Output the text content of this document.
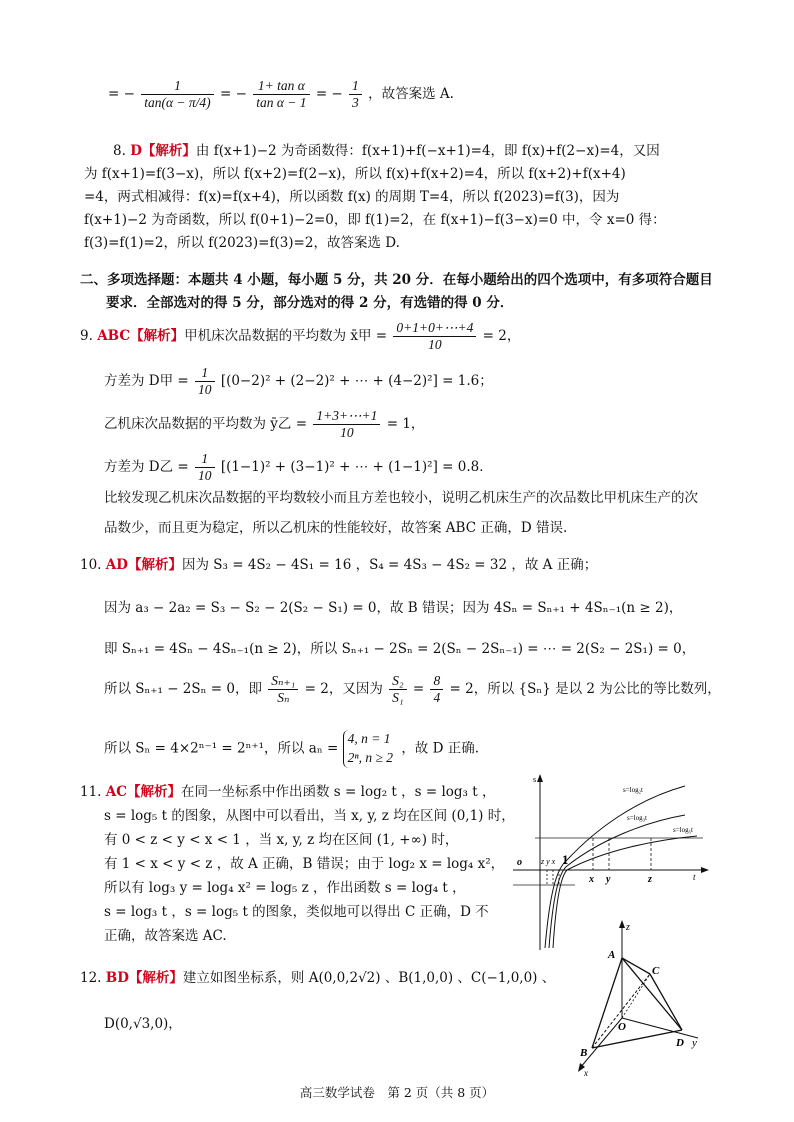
= − $\frac{1}{\tan(\alpha - \pi/4)}$ = − $\frac{\text{1+ tan α}}{\text{tan α − 1}}$ = − $\frac{1}{3}$ ，故答案选 A.
8. D【解析】由 f(x+1)−2 为奇函数得：f(x+1)+f(−x+1)=4，即 f(x)+f(2−x)=4，又因
为 f(x+1)=f(3−x)，所以 f(x+2)=f(2−x)，所以 f(x)+f(x+2)=4，所以 f(x+2)+f(x+4)
=4，两式相减得：f(x)=f(x+4)，所以函数 f(x) 的周期 T=4，所以 f(2023)=f(3)，因为
f(x+1)−2 为奇函数，所以 f(0+1)−2=0，即 f(1)=2，在 f(x+1)−f(3−x)=0 中，令 x=0 得：
f(3)=f(1)=2，所以 f(2023)=f(3)=2，故答案选 D.
二、多项选择题：本题共 4 小题，每小题 5 分，共 20 分．在每小题给出的四个选项中，有多项符合题目
要求．全部选对的得 5 分，部分选对的得 2 分，有选错的得 0 分．
9. ABC【解析】甲机床次品数据的平均数为 x̄甲 = $\frac{0+1+0+\cdots+4}{10} = 2$，
方差为 D甲 = $\frac{1}{10} [(0-2)^2 + (2-2)^2$ + ⋯ + (4−2)²] = 1.6；
乙机床次品数据的平均数为 ȳ乙 = $\frac{1+3+\cdots+1}{10} = 1$，
方差为 D乙 = $\frac{1}{10} [(1-1)^2 + (3-1)^2$ + ⋯ + (1−1)²] = 0.8．
比较发现乙机床次品数据的平均数较小而且方差也较小，说明乙机床生产的次品数比甲机床生产的次
品数少，而且更为稳定，所以乙机床的性能较好，故答案 ABC 正确，D 错误.
10. AD【解析】因为 S₃ = 4S₂ − 4S₁ = 16 ，S₄ = 4S₃ − 4S₂ = 32 ，故 A 正确；
因为 a₃ − 2a₂ = S₃ − S₂ − 2(S₂ − S₁) = 0，故 B 错误；因为 4Sₙ = Sₙ₊₁ + 4Sₙ₋₁(n ≥ 2)，
即 Sₙ₊₁ = 4Sₙ − 4Sₙ₋₁(n ≥ 2)，所以 Sₙ₊₁ − 2Sₙ = 2(Sₙ − 2Sₙ₋₁) = ⋯ = 2(S₂ − 2S₁) = 0，
所以 Sₙ₊₁ − 2Sₙ = 0，即 $\frac{\text{Sₙ₊₁}}{\text{Sₙ}} = 2$，又因为 $\frac{\text{S₂}}{\text{S₁}} = \frac{8}{4} = 2$，所以 {Sₙ} 是以 2 为公比的等比数列，
所以 Sₙ = 4×2ⁿ⁻¹ = 2ⁿ⁺¹，所以 aₙ =
4, n = 1
2ⁿ, n ≥ 2
，故 D 正确.
11. AC【解析】在同一坐标系中作出函数 s = log₂ t ，s = log₃ t ，
s = log₅ t 的图象，从图中可以看出，当 x, y, z 均在区间 (0,1) 时，
有 0 < z < y < x < 1 ，当 x, y, z 均在区间 (1, +∞) 时，
有 1 < x < y < z ，故 A 正确，B 错误；由于 log₂ x = log₄ x²，
所以有 log₃ y = log₄ x² = log₅ z ，作出函数 s = log₄ t ，
s = log₃ t ，s = log₅ t 的图象，类似地可以得出 C 正确，D 不
正确，故答案选 AC.
s
t
o	1
z y x
x y	z
s=log₂t
s=log₃t
s=log₅t
12. BD【解析】建立如图坐标系，则 A(0,0,2√2) 、B(1,0,0) 、C(−1,0,0) 、
D(0,√3,0)，
z
A
C
O
D y
B
x
高三数学试卷　第 2 页（共 8 页）
